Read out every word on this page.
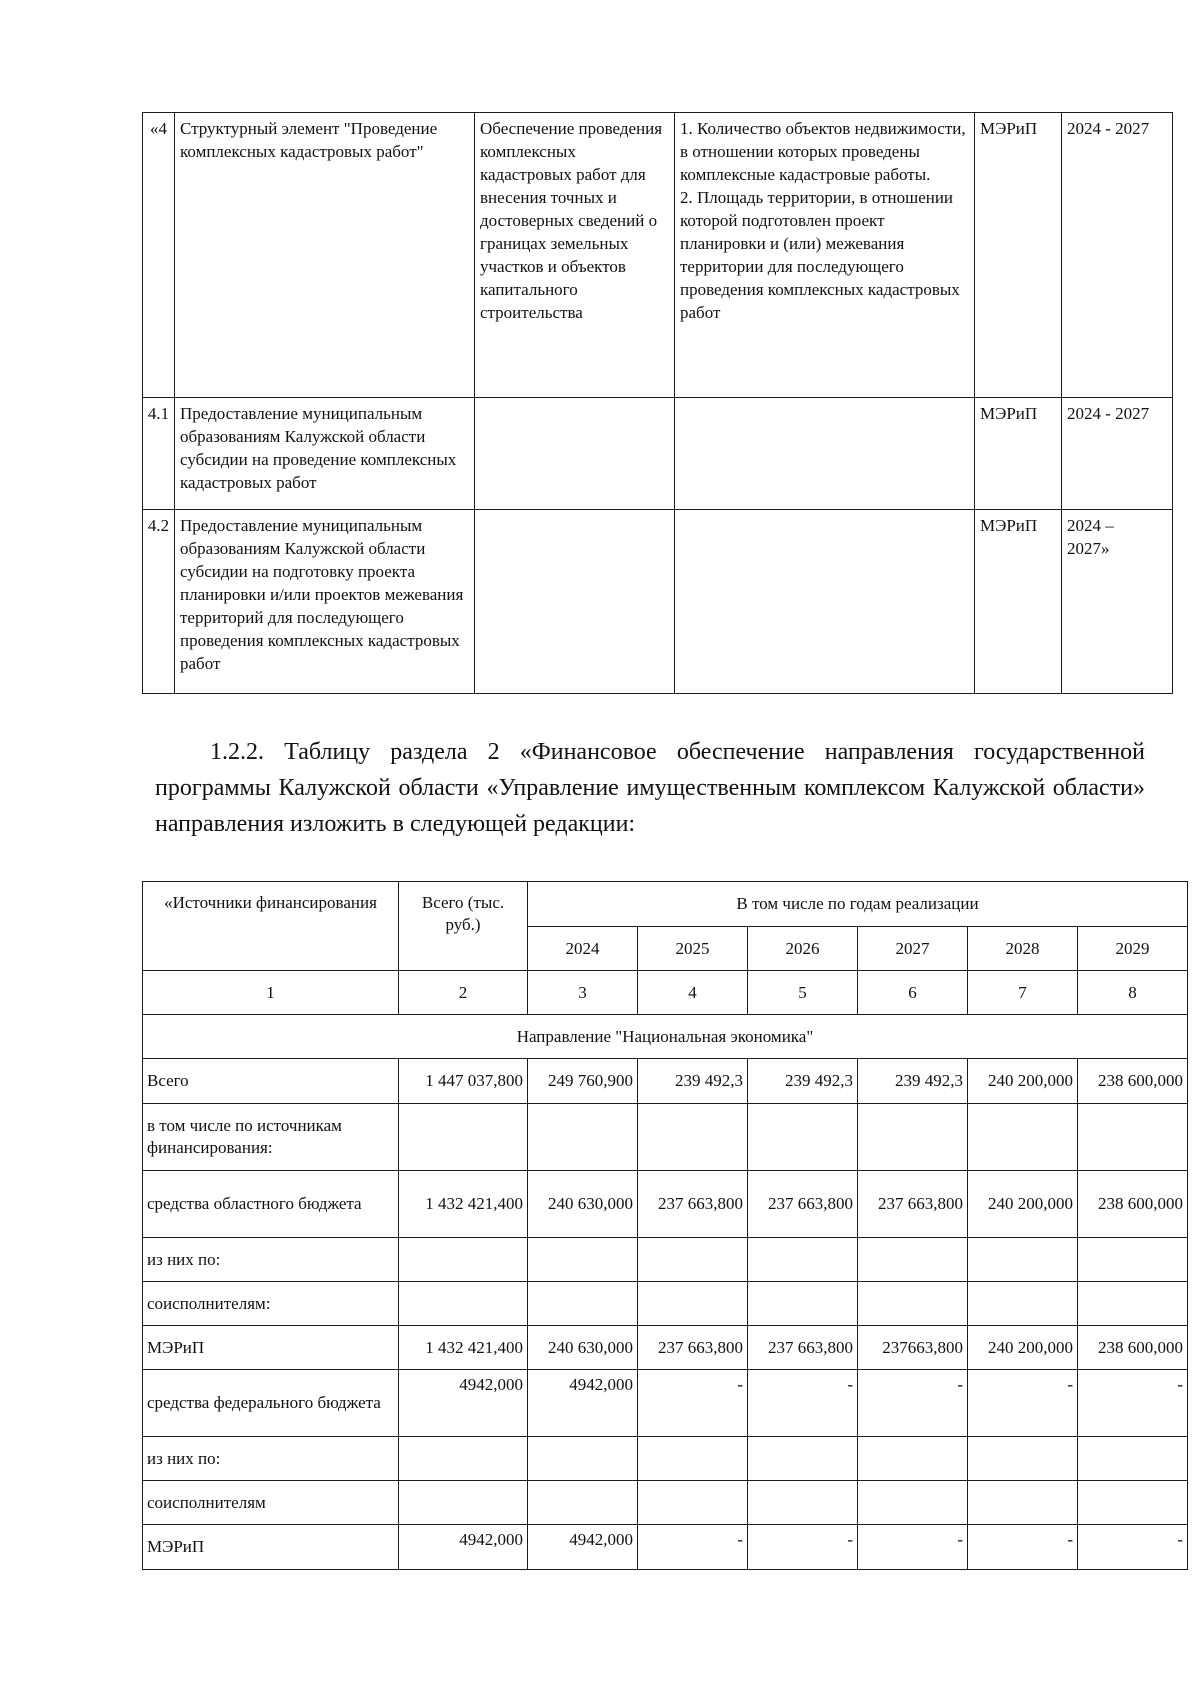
«4	Структурный элемент "Проведение комплексных кадастровых работ"	Обеспечение проведения комплексных кадастровых работ для внесения точных и достоверных сведений о границах земельных участков и объектов капитального строительства	1. Количество объектов недвижимости, в отношении которых проведены комплексные кадастровые работы.
2. Площадь территории, в отношении которой подготовлен проект планировки и (или) межевания территории для последующего проведения комплексных кадастровых работ	МЭРиП	2024 - 2027
4.1	Предоставление муниципальным образованиям Калужской области субсидии на проведение комплексных кадастровых работ			МЭРиП	2024 - 2027
4.2	Предоставление муниципальным образованиям Калужской области субсидии на подготовку проекта планировки и/или проектов межевания территорий для последующего проведения комплексных кадастровых работ			МЭРиП	2024 – 2027»

1.2.2. Таблицу раздела 2 «Финансовое обеспечение направления государственной программы Калужской области «Управление имущественным комплексом Калужской области» направления изложить в следующей редакции:

«Источники финансирования	Всего (тыс. руб.)	В том числе по годам реализации					
		2024	2025	2026	2027	2028	2029
1	2	3	4	5	6	7	8
Направление "Национальная экономика"							
Всего	1 447 037,800	249 760,900	239 492,3	239 492,3	239 492,3	240 200,000	238 600,000
в том числе по источникам финансирования:							
средства областного бюджета	1 432 421,400	240 630,000	237 663,800	237 663,800	237 663,800	240 200,000	238 600,000
из них по:							
соисполнителям:							
МЭРиП	1 432 421,400	240 630,000	237 663,800	237 663,800	237663,800	240 200,000	238 600,000
средства федерального бюджета	4942,000	4942,000	-	-	-	-	-
из них по:							
соисполнителям							
МЭРиП	4942,000	4942,000	-	-	-	-	-
